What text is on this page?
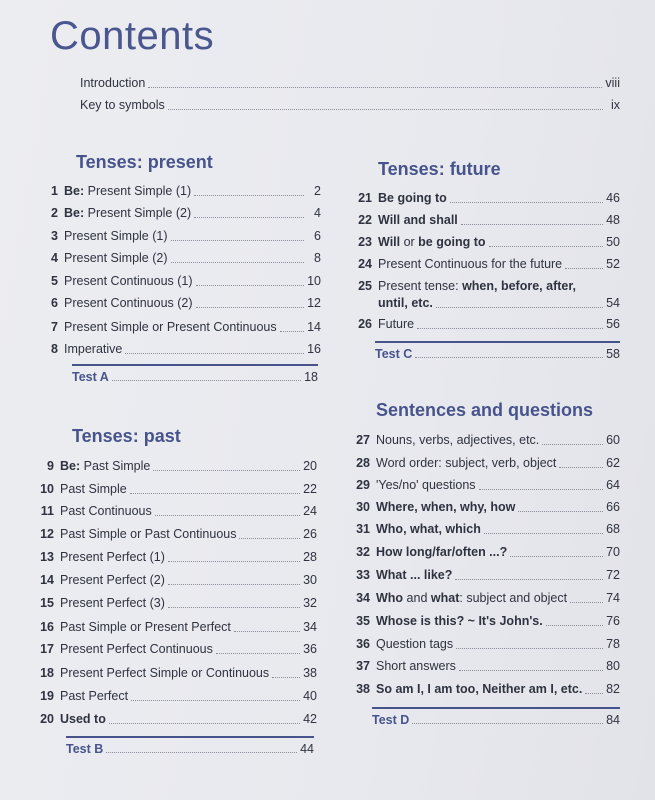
Contents
Introduction	viii
Key to symbols	ix
Tenses: present
1 Be: Present Simple (1)	2
2 Be: Present Simple (2)	4
3 Present Simple (1)	6
4 Present Simple (2)	8
5 Present Continuous (1)	10
6 Present Continuous (2)	12
7 Present Simple or Present Continuous 14
8 Imperative	16
Test A	18
Tenses: past
9 Be: Past Simple	20
10 Past Simple	22
11 Past Continuous	24
12 Past Simple or Past Continuous	26
13 Present Perfect (1)	28
14 Present Perfect (2)	30
15 Present Perfect (3)	32
16 Past Simple or Present Perfect	34
17 Present Perfect Continuous	36
18 Present Perfect Simple or Continuous	38
19 Past Perfect	40
20 Used to	42
Test B	44
Tenses: future
21 Be going to	46
22 Will and shall	48
23 Will or be going to	50
24 Present Continuous for the future	52
25 Present tense: when, before, after,
until, etc.	54
26 Future	56
Test C	58
Sentences and questions
27 Nouns, verbs, adjectives, etc.	60
28 Word order: subject, verb, object	62
29 'Yes/no' questions	64
30 Where, when, why, how	66
31 Who, what, which	68
32 How long/far/often ...?	70
33 What ... like?	72
34 Who and what: subject and object	74
35 Whose is this? ~ It's John's.	76
36 Question tags	78
37 Short answers	80
38 So am I, I am too, Neither am I, etc. 82
Test D	84
